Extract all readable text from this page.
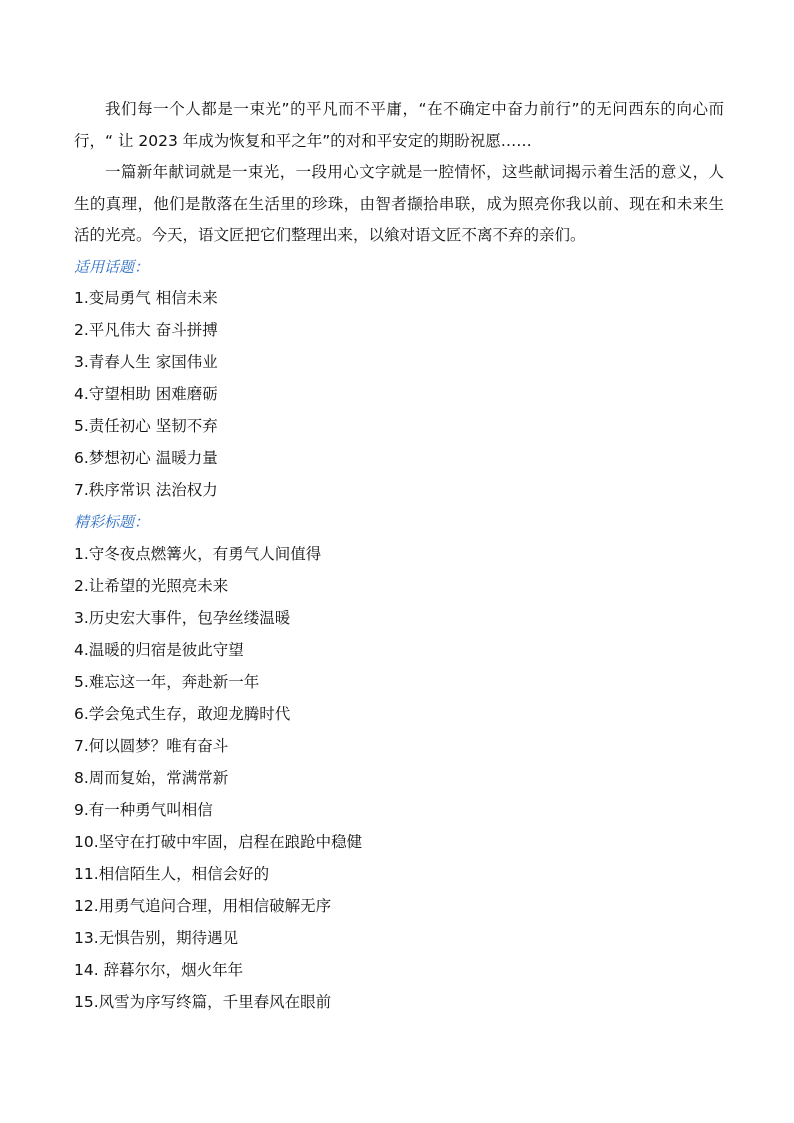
我们每一个人都是一束光”的平凡而不平庸，“在不确定中奋力前行”的无问西东的向心而行，“ 让 2023 年成为恢复和平之年”的对和平安定的期盼祝愿……

一篇新年献词就是一束光，一段用心文字就是一腔情怀，这些献词揭示着生活的意义，人生的真理，他们是散落在生活里的珍珠，由智者撷拾串联，成为照亮你我以前、现在和未来生活的光亮。今天，语文匠把它们整理出来，以飨对语文匠不离不弃的亲们。

适用话题：

1.变局勇气 相信未来
2.平凡伟大 奋斗拼搏
3.青春人生 家国伟业
4.守望相助 困难磨砺
5.责任初心 坚韧不弃
6.梦想初心 温暖力量
7.秩序常识 法治权力

精彩标题：

1.守冬夜点燃篝火，有勇气人间值得
2.让希望的光照亮未来
3.历史宏大事件，包孕丝缕温暖
4.温暖的归宿是彼此守望
5.难忘这一年，奔赴新一年
6.学会兔式生存，敢迎龙腾时代
7.何以圆梦？唯有奋斗
8.周而复始，常满常新
9.有一种勇气叫相信
10.坚守在打破中牢固，启程在踉跄中稳健
11.相信陌生人，相信会好的
12.用勇气追问合理，用相信破解无序
13.无惧告别，期待遇见
14. 辞暮尔尔，烟火年年
15.风雪为序写终篇，千里春风在眼前
